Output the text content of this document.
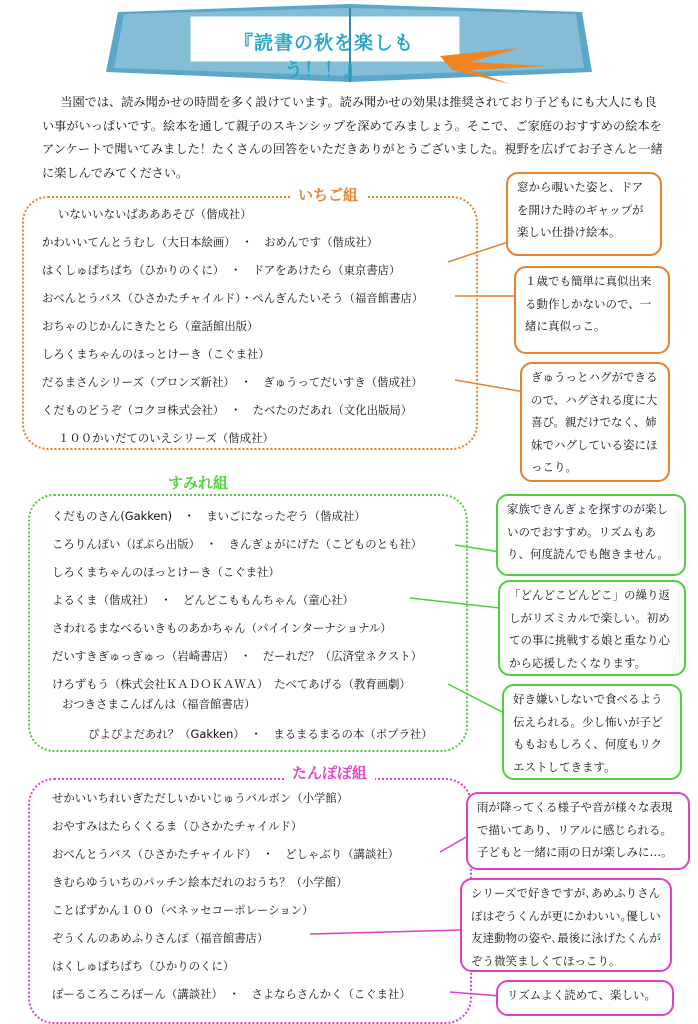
『読書の秋を楽しもう！！』

当園では、読み聞かせの時間を多く設けています。読み聞かせの効果は推奨されており子どもにも大人にも良い事がいっぱいです。絵本を通して親子のスキンシップを深めてみましょう。そこで、ご家庭のおすすめの絵本をアンケートで聞いてみました！たくさんの回答をいただきありがとうございました。視野を広げてお子さんと一緒に楽しんでみてください。

いちご組
いないいないばあああそび（偕成社）
かわいいてんとうむし（大日本絵画）　・　おめんです（偕成社）
はくしゅぱちぱち（ひかりのくに）　・　ドアをあけたら（東京書店）
おべんとうバス（ひさかたチャイルド）・ぺんぎんたいそう（福音館書店）
おちゃのじかんにきたとら（童話館出版）
しろくまちゃんのほっとけーき（こぐま社）
だるまさんシリーズ（ブロンズ新社）　・　ぎゅうってだいすき（偕成社）
くだものどうぞ（コクヨ株式会社）　・　たべたのだあれ（文化出版局）
１００かいだてのいえシリーズ（偕成社）

窓から覗いた姿と、ドアを開けた時のギャップが楽しい仕掛け絵本。

１歳でも簡単に真似出来る動作しかないので、一緒に真似っこ。

ぎゅうっとハグができるので、ハグされる度に大喜び。親だけでなく、姉妹でハグしている姿にほっこり。

すみれ組
くだものさん(Gakken)　・　まいごになったぞう（偕成社）
ころりんぽい（ぽぷら出版）　・　きんぎょがにげた（こどものとも社）
しろくまちゃんのほっとけーき（こぐま社）
よるくま（偕成社）　・　どんどこももんちゃん（童心社）
さわれるまなべるいきものあかちゃん（パイインターナショナル）
だいすきぎゅっぎゅっ（岩崎書店）　・　だーれだ？（広済堂ネクスト）
けろずもう（株式会社ＫＡＤＯＫＡＷＡ）　たべてあげる（教育画劇）
おつきさまこんばんは（福音館書店）
ぴよぴよだあれ？（Gakken）　・　まるまるまるの本（ポプラ社）

家族できんぎょを探すのが楽しいのでおすすめ。リズムもあり、何度読んでも飽きません。

「どんどこどんどこ」の繰り返しがリズミカルで楽しい。初めての事に挑戦する娘と重なり心から応援したくなります。

好き嫌いしないで食べるよう伝えられる。少し怖いが子どももおもしろく、何度もリクエストしてきます。

たんぽぽ組
せかいいちれいぎただしいかいじゅうバルボン（小学館）
おやすみはたらくくるま（ひさかたチャイルド）
おべんとうバス（ひさかたチャイルド）　・　どしゃぶり（講談社）
きむらゆういちのパッチン絵本だれのおうち？（小学館）
ことばずかん１００（ベネッセコーポレーション）
ぞうくんのあめふりさんぽ（福音館書店）
はくしゅぱちぱち（ひかりのくに）
ぽーるころころぽーん（講談社）　・　さよならさんかく（こぐま社）

雨が降ってくる様子や音が様々な表現で描いてあり、リアルに感じられる。子どもと一緒に雨の日が楽しみに…。

シリーズで好きですが､あめふりさんぽはぞうくんが更にかわいい｡優しい友達動物の姿や､最後に泳げたくんがぞう微笑ましくてほっこり。

リズムよく読めて、楽しい。
